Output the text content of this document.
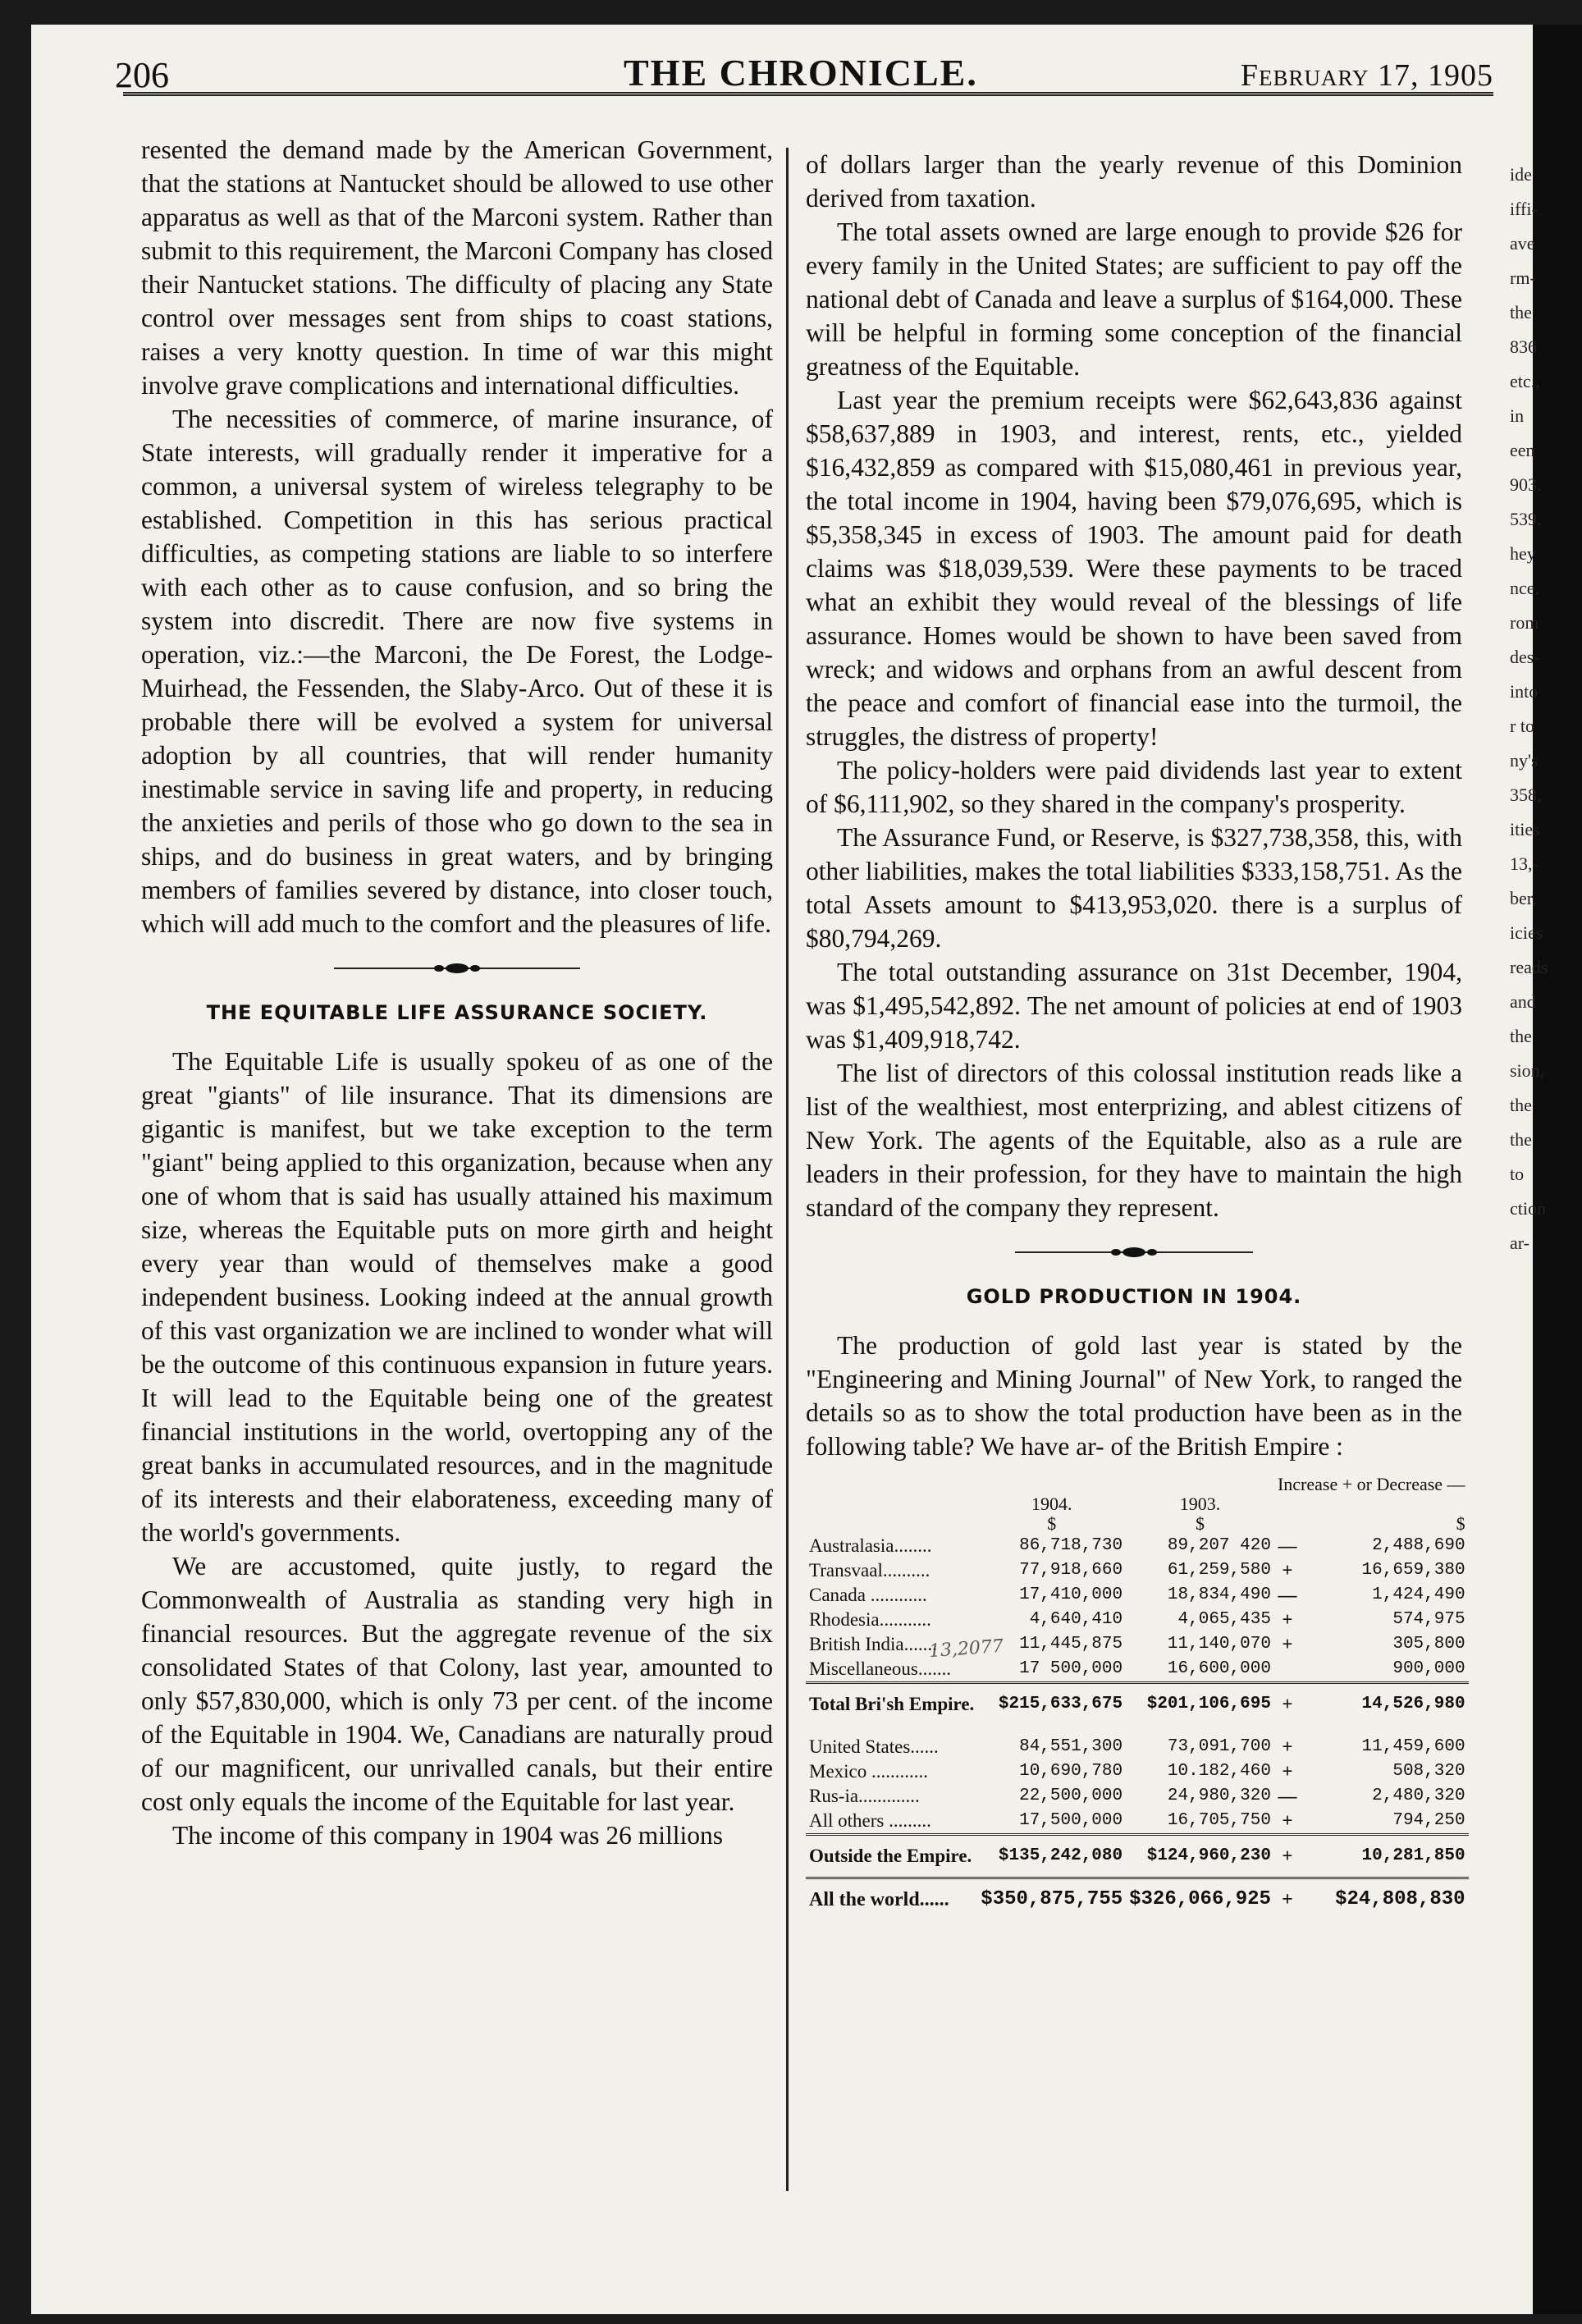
206	THE CHRONICLE.	February 17, 1905

resented the demand made by the American Government, that the stations at Nantucket should be allowed to use other apparatus as well as that of the Marconi system. Rather than submit to this requirement, the Marconi Company has closed their Nantucket stations. The difficulty of placing any State control over messages sent from ships to coast stations, raises a very knotty question. In time of war this might involve grave complications and international difficulties.

The necessities of commerce, of marine insurance, of State interests, will gradually render it imperative for a common, a universal system of wireless telegraphy to be established. Competition in this has serious practical difficulties, as competing stations are liable to so interfere with each other as to cause confusion, and so bring the system into discredit. There are now five systems in operation, viz.:—the Marconi, the De Forest, the Lodge-Muirhead, the Fessenden, the Slaby-Arco. Out of these it is probable there will be evolved a system for universal adoption by all countries, that will render humanity inestimable service in saving life and property, in reducing the anxieties and perils of those who go down to the sea in ships, and do business in great waters, and by bringing members of families severed by distance, into closer touch, which will add much to the comfort and the pleasures of life.

THE EQUITABLE LIFE ASSURANCE SOCIETY.

The Equitable Life is usually spokeu of as one of the great "giants" of lile insurance. That its dimensions are gigantic is manifest, but we take exception to the term "giant" being applied to this organization, because when any one of whom that is said has usually attained his maximum size, whereas the Equitable puts on more girth and height every year than would of themselves make a good independent business. Looking indeed at the annual growth of this vast organization we are inclined to wonder what will be the outcome of this continuous expansion in future years. It will lead to the Equitable being one of the greatest financial institutions in the world, overtopping any of the great banks in accumulated resources, and in the magnitude of its interests and their elaborateness, exceeding many of the world's governments.

We are accustomed, quite justly, to regard the Commonwealth of Australia as standing very high in financial resources. But the aggregate revenue of the six consolidated States of that Colony, last year, amounted to only $57,830,000, which is only 73 per cent. of the income of the Equitable in 1904. We, Canadians are naturally proud of our magnificent, our unrivalled canals, but their entire cost only equals the income of the Equitable for last year.

The income of this company in 1904 was 26 millions

of dollars larger than the yearly revenue of this Dominion derived from taxation.

The total assets owned are large enough to provide $26 for every family in the United States; are sufficient to pay off the national debt of Canada and leave a surplus of $164,000. These will be helpful in forming some conception of the financial greatness of the Equitable.

Last year the premium receipts were $62,643,836 against $58,637,889 in 1903, and interest, rents, etc., yielded $16,432,859 as compared with $15,080,461 in previous year, the total income in 1904, having been $79,076,695, which is $5,358,345 in excess of 1903. The amount paid for death claims was $18,039,539. Were these payments to be traced what an exhibit they would reveal of the blessings of life assurance. Homes would be shown to have been saved from wreck; and widows and orphans from an awful descent from the peace and comfort of financial ease into the turmoil, the struggles, the distress of property!

The policy-holders were paid dividends last year to extent of $6,111,902, so they shared in the company's prosperity.

The Assurance Fund, or Reserve, is $327,738,358, this, with other liabilities, makes the total liabilities $333,158,751. As the total Assets amount to $413,953,020. there is a surplus of $80,794,269.

The total outstanding assurance on 31st December, 1904, was $1,495,542,892. The net amount of policies at end of 1903 was $1,409,918,742.

The list of directors of this colossal institution reads like a list of the wealthiest, most enterprizing, and ablest citizens of New York. The agents of the Equitable, also as a rule are leaders in their profession, for they have to maintain the high standard of the company they represent.

GOLD PRODUCTION IN 1904.

The production of gold last year is stated by the "Engineering and Mining Journal" of New York, to ranged the details so as to show the total production have been as in the following table? We have ar- of the British Empire :

			Increase + or Decrease —	
	1904.	1903.		
	$	$	$	
Australasia........	86,718,730	89,207 420	—	2,488,690
Transvaal..........	77,918,660	61,259,580	+	16,659,380
Canada ............	17,410,000	18,834,490	—	1,424,490
Rhodesia...........	4,640,410	4,065,435	+	574,975
British India.......	11,445,875	11,140,070	+	305,800
Miscellaneous.......	17 500,000	16,600,000		900,000
Total Bri'sh Empire.	$215,633,675	$201,106,695	+	14,526,980
United States......	84,551,300	73,091,700	+	11,459,600
Mexico ............	10,690,780	10.182,460	+	508,320
Rus-ia.............	22,500,000	24,980,320	—	2,480,320
All others .........	17,500,000	16,705,750	+	794,250
Outside the Empire.	$135,242,080	$124,960,230	+	10,281,850
All the world......	$350,875,755	$326,066,925	+	$24,808,830
13,2077
ide
iffi-
ave
rm-
the
836
etc.,
in
een
903.
539.
hey
nce.
rom
des-
into
r to
ny's
358,
ities
13,-
ber,
icies
reads
and
the
sion,
the
the
to
ction
ar-
